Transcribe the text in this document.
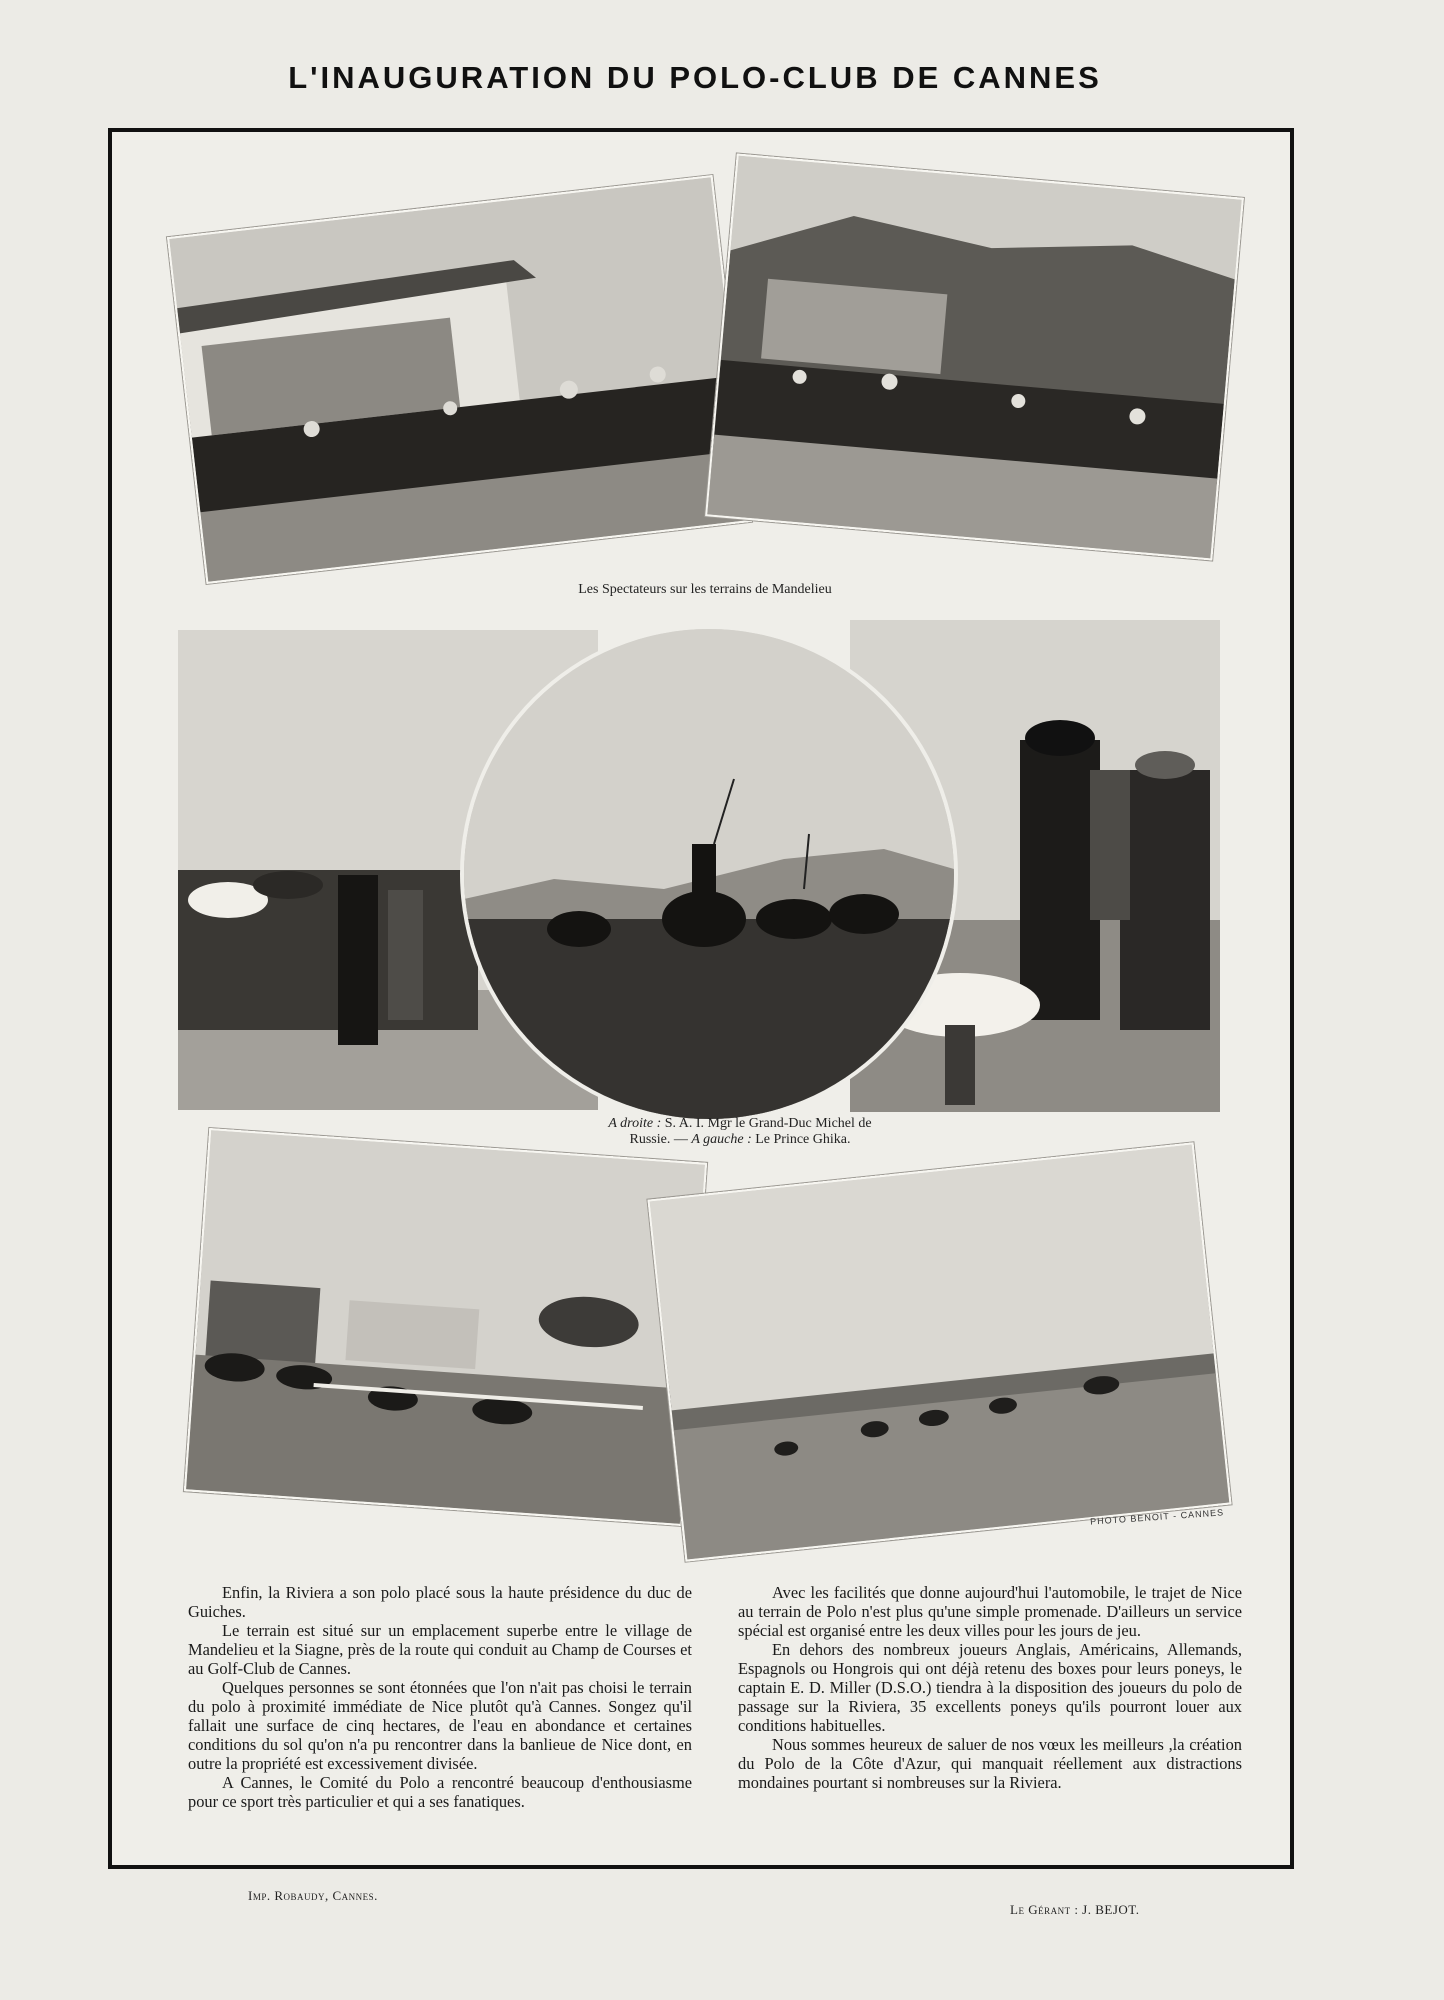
L'INAUGURATION DU POLO-CLUB DE CANNES
Les Spectateurs sur les terrains de Mandelieu
A droite : S. A. I. Mgr le Grand-Duc Michel de
Russie. — A gauche : Le Prince Ghika.
PHOTO BENOIT - CANNES

Enfin, la Riviera a son polo placé sous la haute présidence du duc de Guiches.

Le terrain est situé sur un emplacement superbe entre le village de Mandelieu et la Siagne, près de la route qui conduit au Champ de Courses et au Golf-Club de Cannes.

Quelques personnes se sont étonnées que l'on n'ait pas choisi le terrain du polo à proximité immédiate de Nice plutôt qu'à Cannes. Songez qu'il fallait une surface de cinq hectares, de l'eau en abondance et certaines conditions du sol qu'on n'a pu rencontrer dans la banlieue de Nice dont, en outre la propriété est excessivement divisée.

A Cannes, le Comité du Polo a rencontré beaucoup d'enthousiasme pour ce sport très particulier et qui a ses fanatiques.

Avec les facilités que donne aujourd'hui l'automobile, le trajet de Nice au terrain de Polo n'est plus qu'une simple promenade. D'ailleurs un service spécial est organisé entre les deux villes pour les jours de jeu.

En dehors des nombreux joueurs Anglais, Américains, Allemands, Espagnols ou Hongrois qui ont déjà retenu des boxes pour leurs poneys, le captain E. D. Miller (D.S.O.) tiendra à la disposition des joueurs du polo de passage sur la Riviera, 35 excellents poneys qu'ils pourront louer aux conditions habituelles.

Nous sommes heureux de saluer de nos vœux les meilleurs ,la création du Polo de la Côte d'Azur, qui manquait réellement aux distractions mondaines pourtant si nombreuses sur la Riviera.

Imp. Robaudy, Cannes.
Le Gérant : J. BEJOT.
